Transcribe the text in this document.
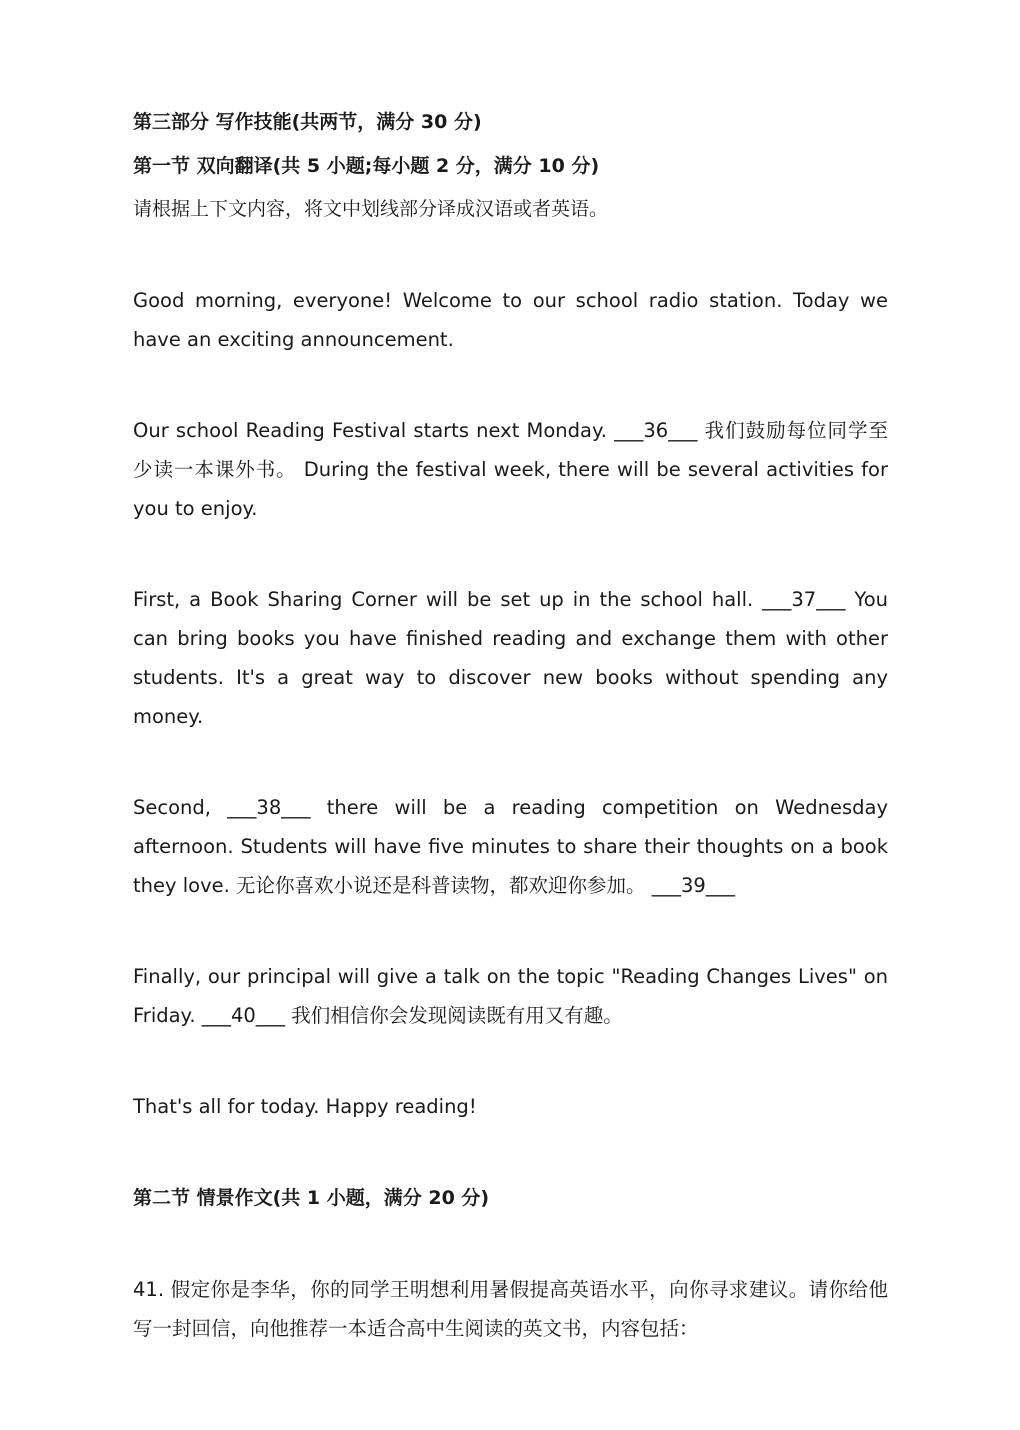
第三部分 写作技能(共两节，满分 30 分)

第一节 双向翻译(共 5 小题;每小题 2 分，满分 10 分)

请根据上下文内容，将文中划线部分译成汉语或者英语。

Good morning, everyone! Welcome to our school radio station. Today we have an exciting announcement.

Our school Reading Festival starts next Monday. ___36___ 我们鼓励每位同学至少读一本课外书。 During the festival week, there will be several activities for you to enjoy.

First, a Book Sharing Corner will be set up in the school hall. ___37___ You can bring books you have finished reading and exchange them with other students. It's a great way to discover new books without spending any money.

Second, ___38___ there will be a reading competition on Wednesday afternoon. Students will have five minutes to share their thoughts on a book they love. 无论你喜欢小说还是科普读物，都欢迎你参加。 ___39___

Finally, our principal will give a talk on the topic "Reading Changes Lives" on Friday. ___40___ 我们相信你会发现阅读既有用又有趣。

That's all for today. Happy reading!

第二节 情景作文(共 1 小题，满分 20 分)

41. 假定你是李华，你的同学王明想利用暑假提高英语水平，向你寻求建议。请你给他写一封回信，向他推荐一本适合高中生阅读的英文书，内容包括：
